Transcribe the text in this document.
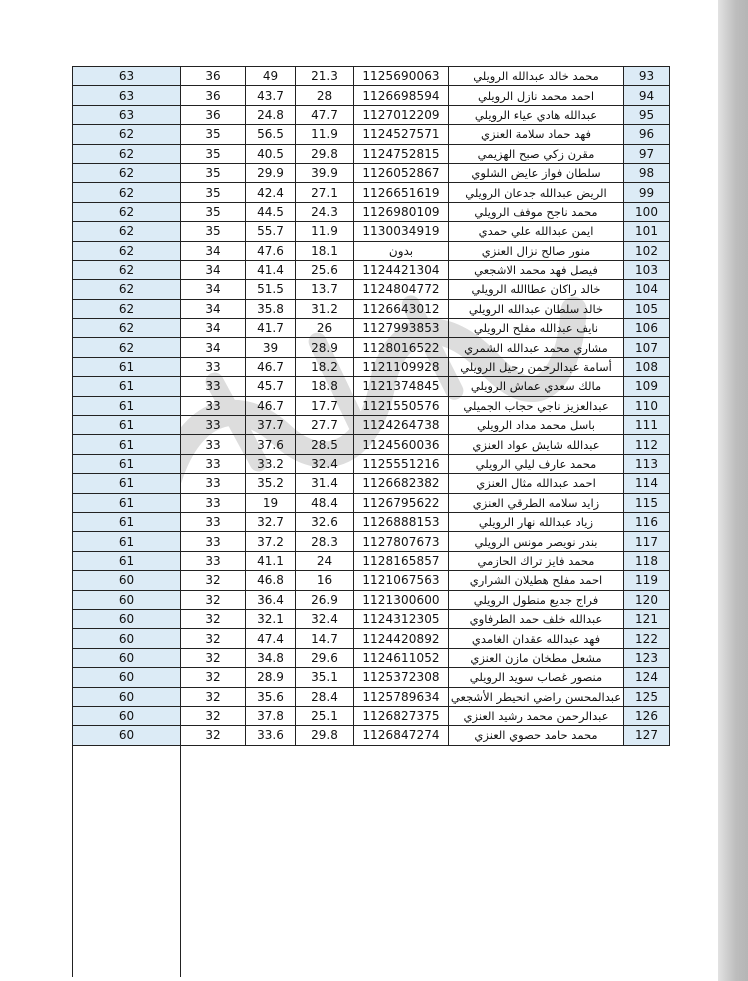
63	36	49	21.3	1125690063	محمد خالد عبدالله الرويلي	93
63	36	43.7	28	1126698594	احمد محمد نازل الرويلي	94
63	36	24.8	47.7	1127012209	عبدالله هادي عياء الرويلي	95
62	35	56.5	11.9	1124527571	فهد حماد سلامة العنزي	96
62	35	40.5	29.8	1124752815	مقرن زكي صبح الهزيمي	97
62	35	29.9	39.9	1126052867	سلطان فواز عايض الشلوي	98
62	35	42.4	27.1	1126651619	الريض عبدالله جدعان الرويلي	99
62	35	44.5	24.3	1126980109	محمد ناجح موفف الرويلي	100
62	35	55.7	11.9	1130034919	ايمن عبدالله علي حمدي	101
62	34	47.6	18.1	بدون	منور صالح نزال العنزي	102
62	34	41.4	25.6	1124421304	فيصل فهد محمد الاشجعي	103
62	34	51.5	13.7	1124804772	خالد راكان عطاالله الرويلي	104
62	34	35.8	31.2	1126643012	خالد سلطان عبدالله الرويلي	105
62	34	41.7	26	1127993853	نايف عبدالله مفلح الرويلي	106
62	34	39	28.9	1128016522	مشاري محمد عبدالله الشمري	107
61	33	46.7	18.2	1121109928	أسامة عبدالرحمن رحيل الرويلي	108
61	33	45.7	18.8	1121374845	مالك سعدي عماش الرويلي	109
61	33	46.7	17.7	1121550576	عبدالعزيز ناجي حجاب الجميلي	110
61	33	37.7	27.7	1124264738	باسل محمد مداد الرويلي	111
61	33	37.6	28.5	1124560036	عبدالله شايش عواد العنزي	112
61	33	33.2	32.4	1125551216	محمد عارف ليلي الرويلي	113
61	33	35.2	31.4	1126682382	احمد عبدالله مثال العنزي	114
61	33	19	48.4	1126795622	زايد سلامه الطرقي العنزي	115
61	33	32.7	32.6	1126888153	زياد عبدالله نهار الرويلي	116
61	33	37.2	28.3	1127807673	بندر نويصر مونس الرويلي	117
61	33	41.1	24	1128165857	محمد فايز تراك الحازمي	118
60	32	46.8	16	1121067563	احمد مفلح هطيلان الشراري	119
60	32	36.4	26.9	1121300600	فراج جديع منطول الرويلي	120
60	32	32.1	32.4	1124312305	عبدالله خلف حمد الطرفاوي	121
60	32	47.4	14.7	1124420892	فهد عبدالله عقدان الغامدي	122
60	32	34.8	29.6	1124611052	مشعل مطخان مازن العنزي	123
60	32	28.9	35.1	1125372308	منصور غصاب سويد الرويلي	124
60	32	35.6	28.4	1125789634	عبدالمحسن راضي انحيطر الأشجعي	125
60	32	37.8	25.1	1126827375	عبدالرحمن محمد رشيد العنزي	126
60	32	33.6	29.8	1126847274	محمد حامد حصوي العنزي	127
